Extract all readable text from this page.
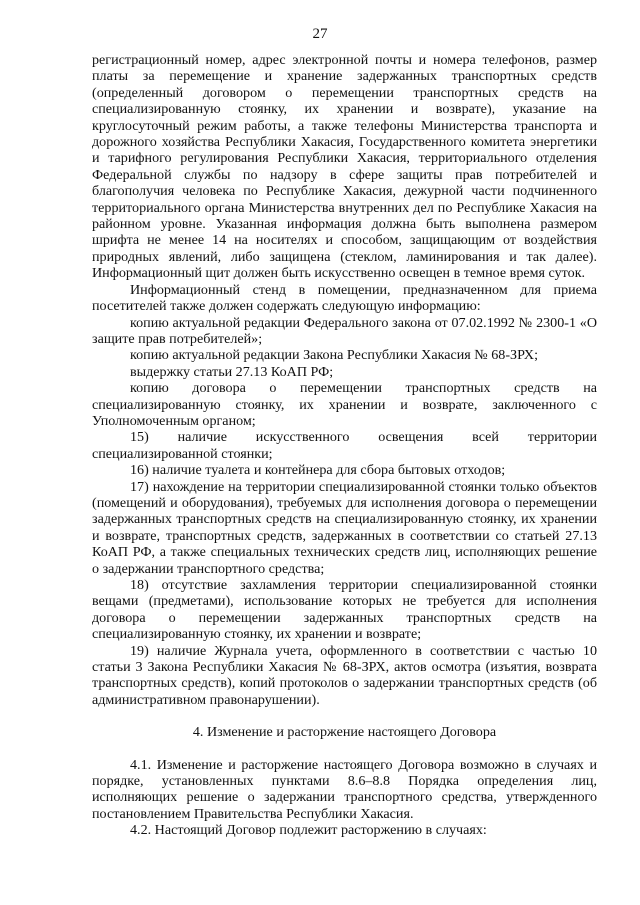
27

регистрационный номер, адрес электронной почты и номера телефонов, размер платы за перемещение и хранение задержанных транспортных средств (определенный договором о перемещении транспортных средств на специализированную стоянку, их хранении и возврате), указание на круглосуточный режим работы, а также телефоны Министерства транспорта и дорожного хозяйства Республики Хакасия, Государственного комитета энергетики и тарифного регулирования Республики Хакасия, территориального отделения Федеральной службы по надзору в сфере защиты прав потребителей и благополучия человека по Республике Хакасия, дежурной части подчиненного территориального органа Министерства внутренних дел по Республике Хакасия на районном уровне. Указанная информация должна быть выполнена размером шрифта не менее 14 на носителях и способом, защищающим от воздействия природных явлений, либо защищена (стеклом, ламинирования и так далее). Информационный щит должен быть искусственно освещен в темное время суток.

Информационный стенд в помещении, предназначенном для приема посетителей также должен содержать следующую информацию:

копию актуальной редакции Федерального закона от 07.02.1992 № 2300-1 «О защите прав потребителей»;

копию актуальной редакции Закона Республики Хакасия № 68-ЗРХ;

выдержку статьи 27.13 КоАП РФ;

копию договора о перемещении транспортных средств на специализированную стоянку, их хранении и возврате, заключенного с Уполномоченным органом;

15) наличие искусственного освещения всей территории специализированной стоянки;

16) наличие туалета и контейнера для сбора бытовых отходов;

17) нахождение на территории специализированной стоянки только объектов (помещений и оборудования), требуемых для исполнения договора о перемещении задержанных транспортных средств на специализированную стоянку, их хранении и возврате, транспортных средств, задержанных в соответствии со статьей 27.13 КоАП РФ, а также специальных технических средств лиц, исполняющих решение о задержании транспортного средства;

18) отсутствие захламления территории специализированной стоянки вещами (предметами), использование которых не требуется для исполнения договора о перемещении задержанных транспортных средств на специализированную стоянку, их хранении и возврате;

19) наличие Журнала учета, оформленного в соответствии с частью 10 статьи 3 Закона Республики Хакасия № 68-ЗРХ, актов осмотра (изъятия, возврата транспортных средств), копий протоколов о задержании транспортных средств (об административном правонарушении).

4. Изменение и расторжение настоящего Договора

4.1. Изменение и расторжение настоящего Договора возможно в случаях и порядке, установленных пунктами 8.6–8.8 Порядка определения лиц, исполняющих решение о задержании транспортного средства, утвержденного постановлением Правительства Республики Хакасия.

4.2. Настоящий Договор подлежит расторжению в случаях:
